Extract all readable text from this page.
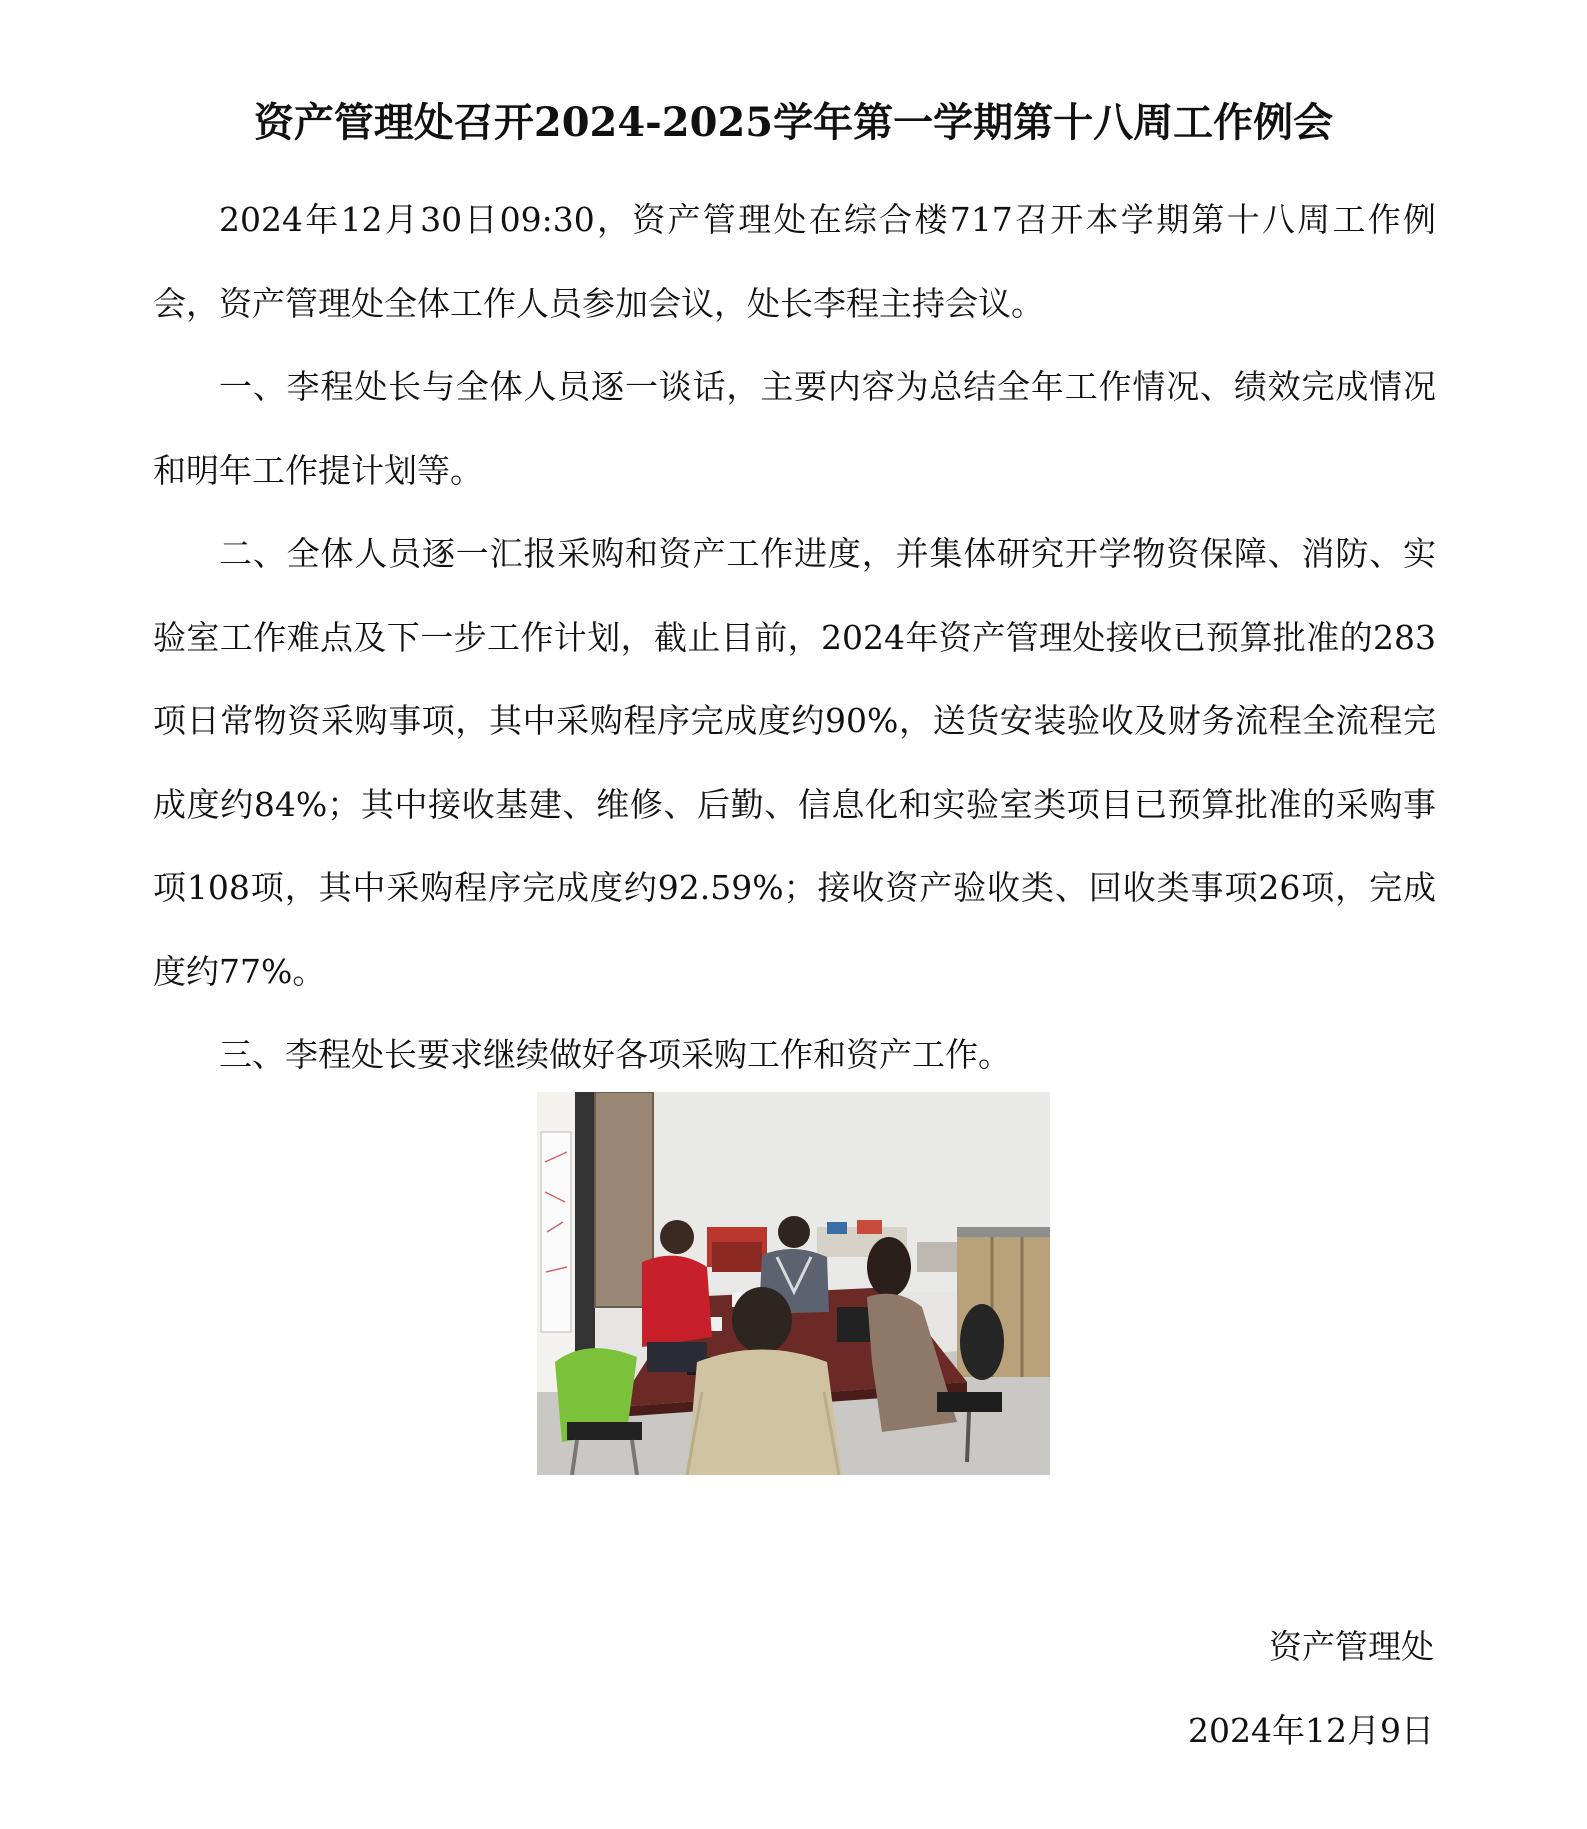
资产管理处召开2024-2025学年第一学期第十八周工作例会

2024年12月30日09:30，资产管理处在综合楼717召开本学期第十八周工作例会，资产管理处全体工作人员参加会议，处长李程主持会议。

一、李程处长与全体人员逐一谈话，主要内容为总结全年工作情况、绩效完成情况和明年工作提计划等。

二、全体人员逐一汇报采购和资产工作进度，并集体研究开学物资保障、消防、实验室工作难点及下一步工作计划，截止目前，2024年资产管理处接收已预算批准的283项日常物资采购事项，其中采购程序完成度约90%，送货安装验收及财务流程全流程完成度约84%；其中接收基建、维修、后勤、信息化和实验室类项目已预算批准的采购事项108项，其中采购程序完成度约92.59%；接收资产验收类、回收类事项26项，完成度约77%。

三、李程处长要求继续做好各项采购工作和资产工作。

资产管理处
2024年12月9日
